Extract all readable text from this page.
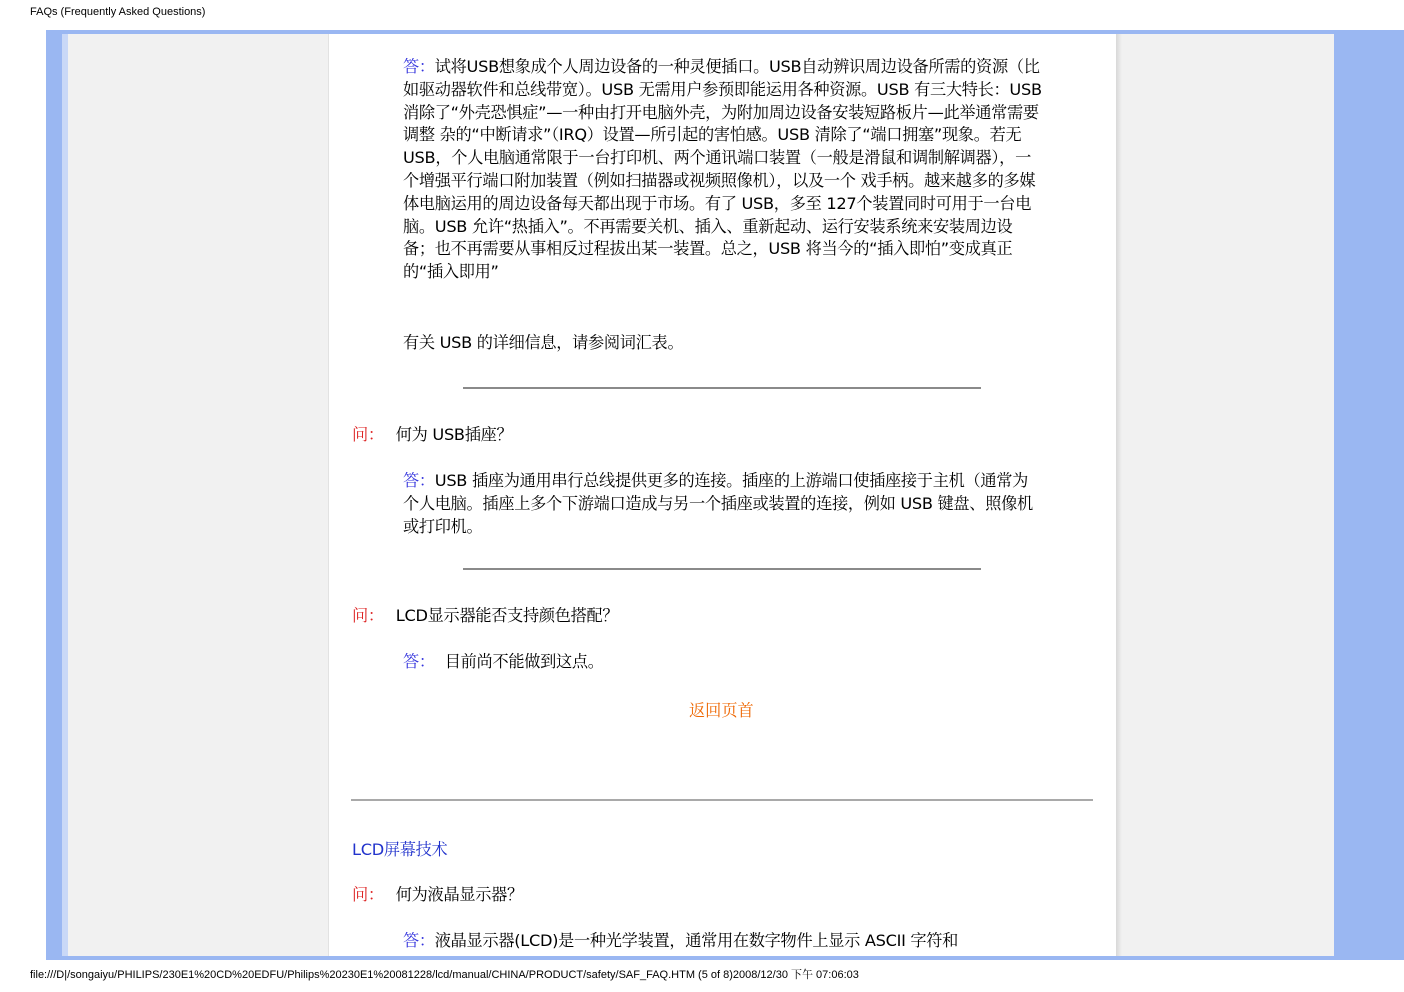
FAQs (Frequently Asked Questions)
答：试将USB想象成个人周边设备的一种灵便插口。USB自动辨识周边设备所需的资源（比如驱动器软件和总线带宽）。USB 无需用户参预即能运用各种资源。USB 有三大特长：USB 消除了“外壳恐惧症”—一种由打开电脑外壳，为附加周边设备安装短路板片—此举通常需要调整 杂的“中断请求”（IRQ）设置—所引起的害怕感。USB 清除了“端口拥塞”现象。若无USB，个人电脑通常限于一台打印机、两个通讯端口装置（一般是滑鼠和调制解调器），一个增强平行端口附加装置（例如扫描器或视频照像机），以及一个 戏手柄。越来越多的多媒体电脑运用的周边设备每天都出现于市场。有了 USB，多至 127个装置同时可用于一台电脑。USB 允许“热插入”。不再需要关机、插入、重新起动、运行安装系统来安装周边设备；也不再需要从事相反过程拔出某一装置。总之，USB 将当今的“插入即怕”变成真正的“插入即用”
有关 USB 的详细信息，请参阅词汇表。
问： 何为 USB插座？
答：USB 插座为通用串行总线提供更多的连接。插座的上游端口使插座接于主机（通常为个人电脑。插座上多个下游端口造成与另一个插座或装置的连接，例如 USB 键盘、照像机或打印机。
问： LCD显示器能否支持颜色搭配？
答： 目前尚不能做到这点。
返回页首
LCD屏幕技术
问： 何为液晶显示器？
答：液晶显示器(LCD)是一种光学装置，通常用在数字物件上显示 ASCII 字符和
file:///D|/songaiyu/PHILIPS/230E1%20CD%20EDFU/Philips%20230E1%20081228/lcd/manual/CHINA/PRODUCT/safety/SAF_FAQ.HTM (5 of 8)2008/12/30 下午 07:06:03
